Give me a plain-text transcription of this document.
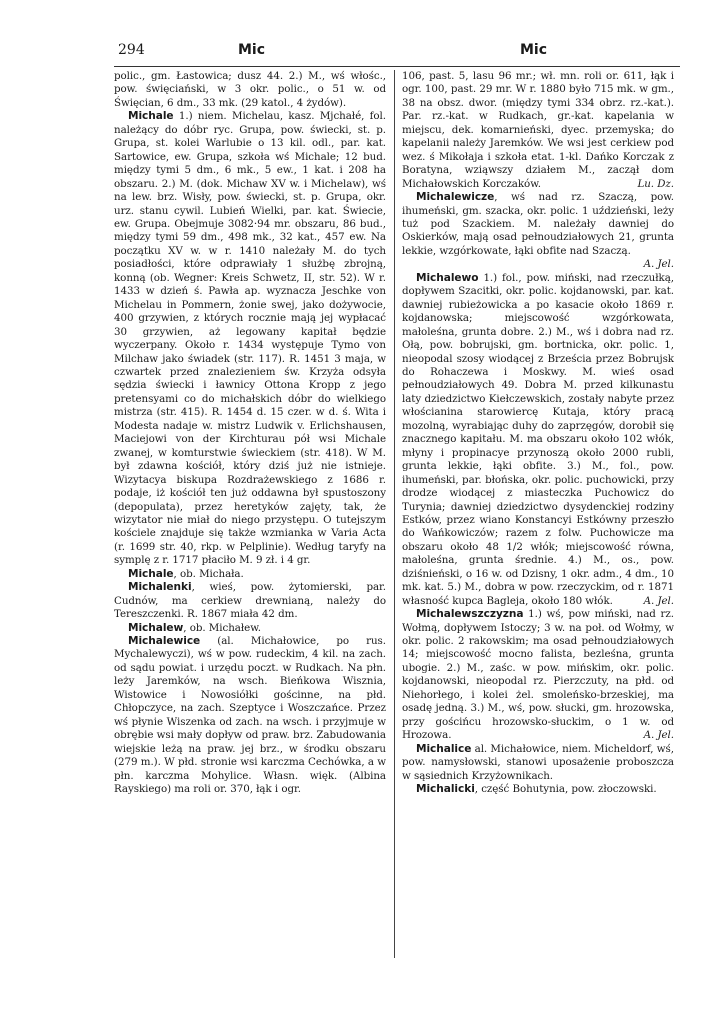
294	Mic	Mic

polic., gm. Łastowica; dusz 44. 2.) M., wś włośc., pow. święciański, w 3 okr. polic., o 51 w. od Święcian, 6 dm., 33 mk. (29 katol., 4 żydów).

Michale 1.) niem. Michelau, kasz. Mjchałé, fol. należący do dóbr ryc. Grupa, pow. świecki, st. p. Grupa, st. kolei Warlubie o 13 kil. odl., par. kat. Sartowice, ew. Grupa, szkoła wś Michale; 12 bud. między tymi 5 dm., 6 mk., 5 ew., 1 kat. i 208 ha obszaru. 2.) M. (dok. Michaw XV w. i Michelaw), wś na lew. brz. Wisły, pow. świecki, st. p. Grupa, okr. urz. stanu cywil. Lubień Wielki, par. kat. Świecie, ew. Grupa. Obejmuje 3082·94 mr. obszaru, 86 bud., między tymi 59 dm., 498 mk., 32 kat., 457 ew. Na początku XV w. w r. 1410 należały M. do tych posiadłości, które odprawiały 1 służbę zbrojną, konną (ob. Wegner: Kreis Schwetz, II, str. 52). W r. 1433 w dzień ś. Pawła ap. wyznacza Jeschke von Michelau in Pommern, żonie swej, jako dożywocie, 400 grzywien, z których rocznie mają jej wypłacać 30 grzywien, aż legowany kapitał będzie wyczerpany. Około r. 1434 występuje Tymo von Milchaw jako świadek (str. 117). R. 1451 3 maja, w czwartek przed znalezieniem św. Krzyża odsyła sędzia świecki i ławnicy Ottona Kropp z jego pretensyami co do michałskich dóbr do wielkiego mistrza (str. 415). R. 1454 d. 15 czer. w d. ś. Wita i Modesta nadaje w. mistrz Ludwik v. Erlichshausen, Maciejowi von der Kirchturau pół wsi Michale zwanej, w komturstwie świeckiem (str. 418). W M. był zdawna kościół, który dziś już nie istnieje. Wizytacya biskupa Rozdrażewskiego z 1686 r. podaje, iż kościół ten już oddawna był spustoszony (depopulata), przez heretyków zajęty, tak, że wizytator nie miał do niego przystępu. O tutejszym kościele znajduje się także wzmianka w Varia Acta (r. 1699 str. 40, rkp. w Pelplinie). Według taryfy na symplę z r. 1717 płaciło M. 9 zł. i 4 gr.

Michale, ob. Michała.

Michalenki, wieś, pow. żytomierski, par. Cudnów, ma cerkiew drewnianą, należy do Tereszczenki. R. 1867 miała 42 dm.

Michalew, ob. Michałew.

Michalewice (al. Michałowice, po rus. Mychalewyczi), wś w pow. rudeckim, 4 kil. na zach. od sądu powiat. i urzędu poczt. w Rudkach. Na płn. leży Jaremków, na wsch. Bieńkowa Wisznia, Wistowice i Nowosiółki gościnne, na płd. Chłopczyce, na zach. Szeptyce i Woszczańce. Przez wś płynie Wiszenka od zach. na wsch. i przyjmuje w obrębie wsi mały dopływ od praw. brz. Zabudowania wiejskie leżą na praw. jej brz., w środku obszaru (279 m.). W płd. stronie wsi karczma Cechówka, a w płn. karczma Mohylice. Własn. więk. (Albina Rayskiego) ma roli or. 370, łąk i ogr.

106, past. 5, lasu 96 mr.; wł. mn. roli or. 611, łąk i ogr. 100, past. 29 mr. W r. 1880 było 715 mk. w gm., 38 na obsz. dwor. (między tymi 334 obrz. rz.-kat.). Par. rz.-kat. w Rudkach, gr.-kat. kapelania w miejscu, dek. komarnieński, dyec. przemyska; do kapelanii należy Jaremków. We wsi jest cerkiew pod wez. ś Mikołaja i szkoła etat. 1-kl. Dańko Korczak z Boratyna, wziąwszy działem M., zaczął dom Michałowskich Korczaków.	Lu. Dz.

Michalewicze, wś nad rz. Szaczą, pow. ihumeński, gm. szacka, okr. polic. 1 uździeński, leży tuż pod Szackiem. M. należały dawniej do Oskierków, mają osad pełnoudziałowych 21, grunta lekkie, wzgórkowate, łąki obfite nad Szaczą.
A. Jel.

Michalewo 1.) fol., pow. miński, nad rzeczułką, dopływem Szacitki, okr. polic. kojdanowski, par. kat. dawniej rubieżowicka a po kasacie około 1869 r. kojdanowska; miejscowość wzgórkowata, małoleśna, grunta dobre. 2.) M., wś i dobra nad rz. Ołą, pow. bobrujski, gm. bortnicka, okr. polic. 1, nieopodal szosy wiodącej z Brześcia przez Bobrujsk do Rohaczewa i Moskwy. M. wieś osad pełnoudziałowych 49. Dobra M. przed kilkunastu laty dziedzictwo Kiełczewskich, zostały nabyte przez włościanina starowiercę Kutaja, który pracą mozolną, wyrabiając duhy do zaprzęgów, dorobił się znacznego kapitału. M. ma obszaru około 102 włók, młyny i propinacye przynoszą około 2000 rubli, grunta lekkie, łąki obfite. 3.) M., fol., pow. ihumeński, par. błońska, okr. polic. puchowicki, przy drodze wiodącej z miasteczka Puchowicz do Turynia; dawniej dziedzictwo dysydenckiej rodziny Estków, przez wiano Konstancyi Estkówny przeszło do Wańkowiczów; razem z folw. Puchowicze ma obszaru około 48 1/2 włók; miejscowość równa, małoleśna, grunta średnie. 4.) M., os., pow. dziśnieński, o 16 w. od Dzisny, 1 okr. adm., 4 dm., 10 mk. kat. 5.) M., dobra w pow. rzeczyckim, od r. 1871 własność kupca Bagleja, około 180 włók.	A. Jel.

Michalewszczyzna 1.) wś, pow miński, nad rz. Wołmą, dopływem Istoczy; 3 w. na poł. od Wołmy, w okr. polic. 2 rakowskim; ma osad pełnoudziałowych 14; miejscowość mocno falista, bezleśna, grunta ubogie. 2.) M., zaśc. w pow. mińskim, okr. polic. kojdanowski, nieopodal rz. Pierzczuty, na płd. od Niehorłego, i kolei żel. smoleńsko-brzeskiej, ma osadę jedną. 3.) M., wś, pow. słucki, gm. hrozowska, przy gościńcu hrozowsko-słuckim, o 1 w. od Hrozowa.	A. Jel.

Michalice al. Michałowice, niem. Micheldorf, wś, pow. namysłowski, stanowi uposażenie proboszcza w sąsiednich Krzyżownikach.

Michalicki, część Bohutynia, pow. złoczowski.
